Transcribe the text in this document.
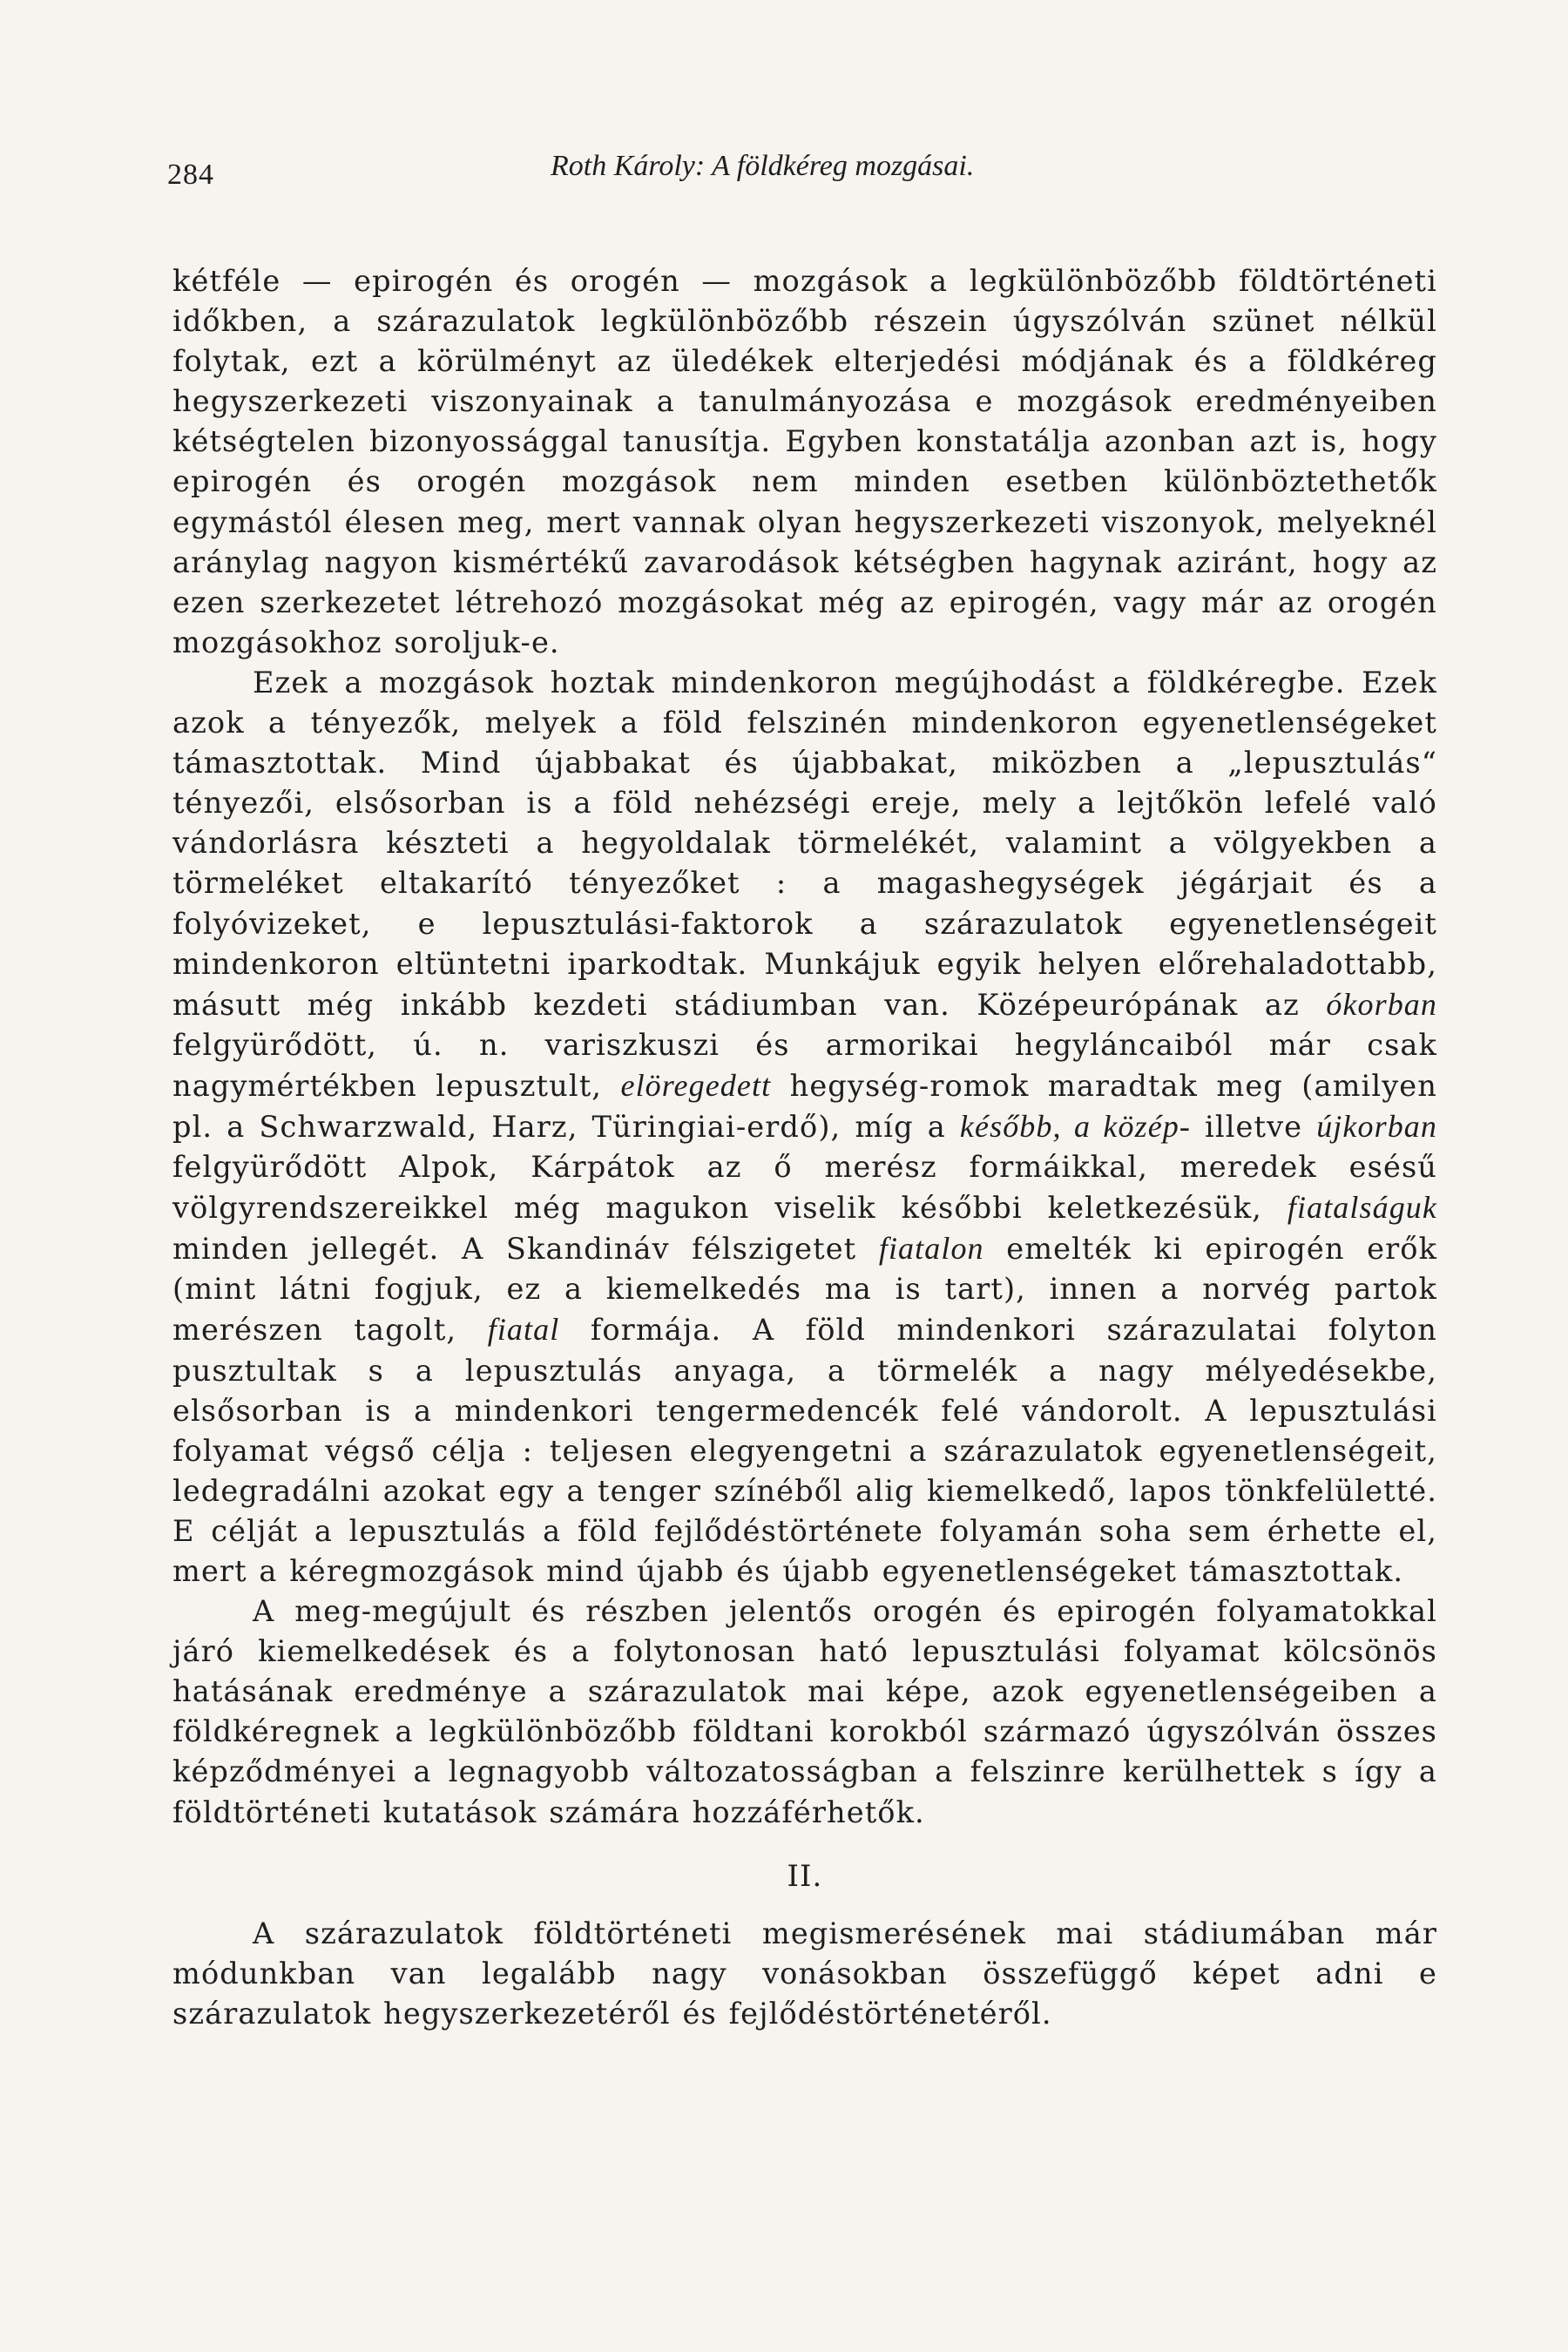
284	Roth Károly: A földkéreg mozgásai.

kétféle — epirogén és orogén — mozgások a legkülönbözőbb földtörténeti időkben, a szárazulatok legkülönbözőbb részein úgyszólván szünet nélkül folytak, ezt a körülményt az üledékek elterjedési módjának és a földkéreg hegyszerkezeti viszonyainak a tanulmányozása e mozgások eredményeiben kétségtelen bizonyossággal tanusítja. Egyben konstatálja azonban azt is, hogy epirogén és orogén mozgások nem minden esetben különböztethetők egymástól élesen meg, mert vannak olyan hegyszerkezeti viszonyok, melyeknél aránylag nagyon kismértékű zavarodások kétségben hagynak aziránt, hogy az ezen szerkezetet létrehozó mozgásokat még az epirogén, vagy már az orogén mozgásokhoz soroljuk-e.

Ezek a mozgások hoztak mindenkoron megújhodást a földkéregbe. Ezek azok a tényezők, melyek a föld felszinén mindenkoron egyenetlenségeket támasztottak. Mind újabbakat és újabbakat, miközben a „lepusztulás“ tényezői, elsősorban is a föld nehézségi ereje, mely a lejtőkön lefelé való vándorlásra készteti a hegyoldalak törmelékét, valamint a völgyekben a törmeléket eltakarító tényezőket : a magashegységek jégárjait és a folyóvizeket, e lepusztulási-faktorok a szárazulatok egyenetlenségeit mindenkoron eltüntetni iparkodtak. Munkájuk egyik helyen előrehaladottabb, másutt még inkább kezdeti stádiumban van. Középeurópának az ókorban felgyürődött, ú. n. variszkuszi és armorikai hegyláncaiból már csak nagymértékben lepusztult, elöregedett hegység-romok maradtak meg (amilyen pl. a Schwarzwald, Harz, Türingiai-erdő), míg a később, a közép- illetve újkorban felgyürődött Alpok, Kárpátok az ő merész formáikkal, meredek esésű völgyrendszereikkel még magukon viselik későbbi keletkezésük, fiatalságuk minden jellegét. A Skandináv félszigetet fiatalon emelték ki epirogén erők (mint látni fogjuk, ez a kiemelkedés ma is tart), innen a norvég partok merészen tagolt, fiatal formája. A föld mindenkori szárazulatai folyton pusztultak s a lepusztulás anyaga, a törmelék a nagy mélyedésekbe, elsősorban is a mindenkori tengermedencék felé vándorolt. A lepusztulási folyamat végső célja : teljesen elegyengetni a szárazulatok egyenetlenségeit, ledegradálni azokat egy a tenger színéből alig kiemelkedő, lapos tönkfelületté. E célját a lepusztulás a föld fejlődéstörténete folyamán soha sem érhette el, mert a kéregmozgások mind újabb és újabb egyenetlenségeket támasztottak.

A meg-megújult és részben jelentős orogén és epirogén folyamatokkal járó kiemelkedések és a folytonosan ható lepusztulási folyamat kölcsönös hatásának eredménye a szárazulatok mai képe, azok egyenetlenségeiben a földkéregnek a legkülönbözőbb földtani korokból származó úgyszólván összes képződményei a legnagyobb változatosságban a felszinre kerülhettek s így a földtörténeti kutatások számára hozzáférhetők.

II.

A szárazulatok földtörténeti megismerésének mai stádiumában már módunkban van legalább nagy vonásokban összefüggő képet adni e szárazulatok hegyszerkezetéről és fejlődéstörténetéről.
